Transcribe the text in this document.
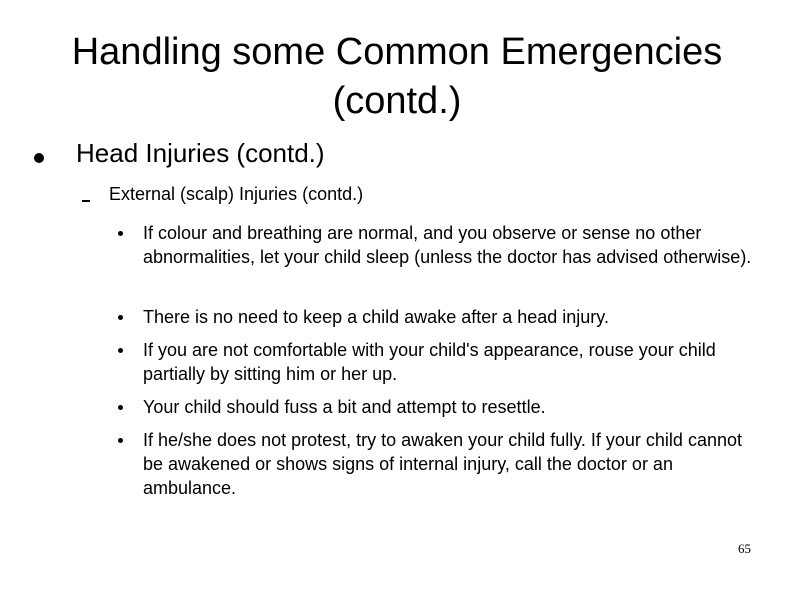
Handling some Common Emergencies (contd.)
Head Injuries (contd.)
External (scalp) Injuries (contd.)
If colour and breathing are normal, and you observe or sense no other abnormalities, let your child sleep (unless the doctor has advised otherwise).
There is no need to keep a child awake after a head injury.
If you are not comfortable with your child's appearance, rouse your child partially by sitting him or her up.
Your child should fuss a bit and attempt to resettle.
If he/she does not protest, try to awaken your child fully. If your child cannot be awakened or shows signs of internal injury, call the doctor or an ambulance.
65
